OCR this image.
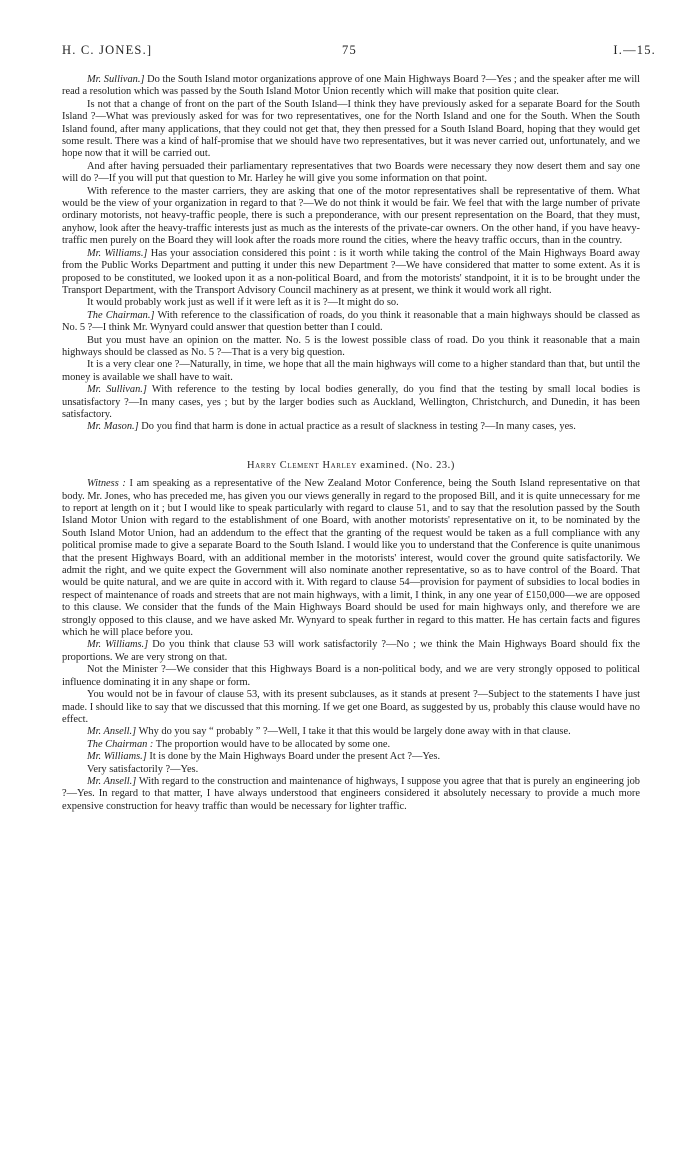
H. C. JONES.]	75	I.—15.

Mr. Sullivan.] Do the South Island motor organizations approve of one Main Highways Board ?—Yes ; and the speaker after me will read a resolution which was passed by the South Island Motor Union recently which will make that position quite clear.

Is not that a change of front on the part of the South Island—I think they have previously asked for a separate Board for the South Island ?—What was previously asked for was for two representatives, one for the North Island and one for the South. When the South Island found, after many applications, that they could not get that, they then pressed for a South Island Board, hoping that they would get some result. There was a kind of half-promise that we should have two representatives, but it was never carried out, unfortunately, and we hope now that it will be carried out.

And after having persuaded their parliamentary representatives that two Boards were necessary they now desert them and say one will do ?—If you will put that question to Mr. Harley he will give you some information on that point.

With reference to the master carriers, they are asking that one of the motor representatives shall be representative of them. What would be the view of your organization in regard to that ?—We do not think it would be fair. We feel that with the large number of private ordinary motorists, not heavy-traffic people, there is such a preponderance, with our present representation on the Board, that they must, anyhow, look after the heavy-traffic interests just as much as the interests of the private-car owners. On the other hand, if you have heavy-traffic men purely on the Board they will look after the roads more round the cities, where the heavy traffic occurs, than in the country.

Mr. Williams.] Has your association considered this point : is it worth while taking the control of the Main Highways Board away from the Public Works Department and putting it under this new Department ?—We have considered that matter to some extent. As it is proposed to be constituted, we looked upon it as a non-political Board, and from the motorists' standpoint, it it is to be brought under the Transport Department, with the Transport Advisory Council machinery as at present, we think it would work all right.

It would probably work just as well if it were left as it is ?—It might do so.

The Chairman.] With reference to the classification of roads, do you think it reasonable that a main highways should be classed as No. 5 ?—I think Mr. Wynyard could answer that question better than I could.

But you must have an opinion on the matter. No. 5 is the lowest possible class of road. Do you think it reasonable that a main highways should be classed as No. 5 ?—That is a very big question.

It is a very clear one ?—Naturally, in time, we hope that all the main highways will come to a higher standard than that, but until the money is available we shall have to wait.

Mr. Sullivan.] With reference to the testing by local bodies generally, do you find that the testing by small local bodies is unsatisfactory ?—In many cases, yes ; but by the larger bodies such as Auckland, Wellington, Christchurch, and Dunedin, it has been satisfactory.

Mr. Mason.] Do you find that harm is done in actual practice as a result of slackness in testing ?—In many cases, yes.

Harry Clement Harley examined. (No. 23.)

Witness : I am speaking as a representative of the New Zealand Motor Conference, being the South Island representative on that body. Mr. Jones, who has preceded me, has given you our views generally in regard to the proposed Bill, and it is quite unnecessary for me to report at length on it ; but I would like to speak particularly with regard to clause 51, and to say that the resolution passed by the South Island Motor Union with regard to the establishment of one Board, with another motorists' representative on it, to be nominated by the South Island Motor Union, had an addendum to the effect that the granting of the request would be taken as a full compliance with any political promise made to give a separate Board to the South Island. I would like you to understand that the Conference is quite unanimous that the present Highways Board, with an additional member in the motorists' interest, would cover the ground quite satisfactorily. We admit the right, and we quite expect the Government will also nominate another representative, so as to have control of the Board. That would be quite natural, and we are quite in accord with it. With regard to clause 54—provision for payment of subsidies to local bodies in respect of maintenance of roads and streets that are not main highways, with a limit, I think, in any one year of £150,000—we are opposed to this clause. We consider that the funds of the Main Highways Board should be used for main highways only, and therefore we are strongly opposed to this clause, and we have asked Mr. Wynyard to speak further in regard to this matter. He has certain facts and figures which he will place before you.

Mr. Williams.] Do you think that clause 53 will work satisfactorily ?—No ; we think the Main Highways Board should fix the proportions. We are very strong on that.

Not the Minister ?—We consider that this Highways Board is a non-political body, and we are very strongly opposed to political influence dominating it in any shape or form.

You would not be in favour of clause 53, with its present subclauses, as it stands at present ?—Subject to the statements I have just made. I should like to say that we discussed that this morning. If we get one Board, as suggested by us, probably this clause would have no effect.

Mr. Ansell.] Why do you say “ probably ” ?—Well, I take it that this would be largely done away with in that clause.

The Chairman : The proportion would have to be allocated by some one.

Mr. Williams.] It is done by the Main Highways Board under the present Act ?—Yes.

Very satisfactorily ?—Yes.

Mr. Ansell.] With regard to the construction and maintenance of highways, I suppose you agree that that is purely an engineering job ?—Yes. In regard to that matter, I have always understood that engineers considered it absolutely necessary to provide a much more expensive construction for heavy traffic than would be necessary for lighter traffic.
